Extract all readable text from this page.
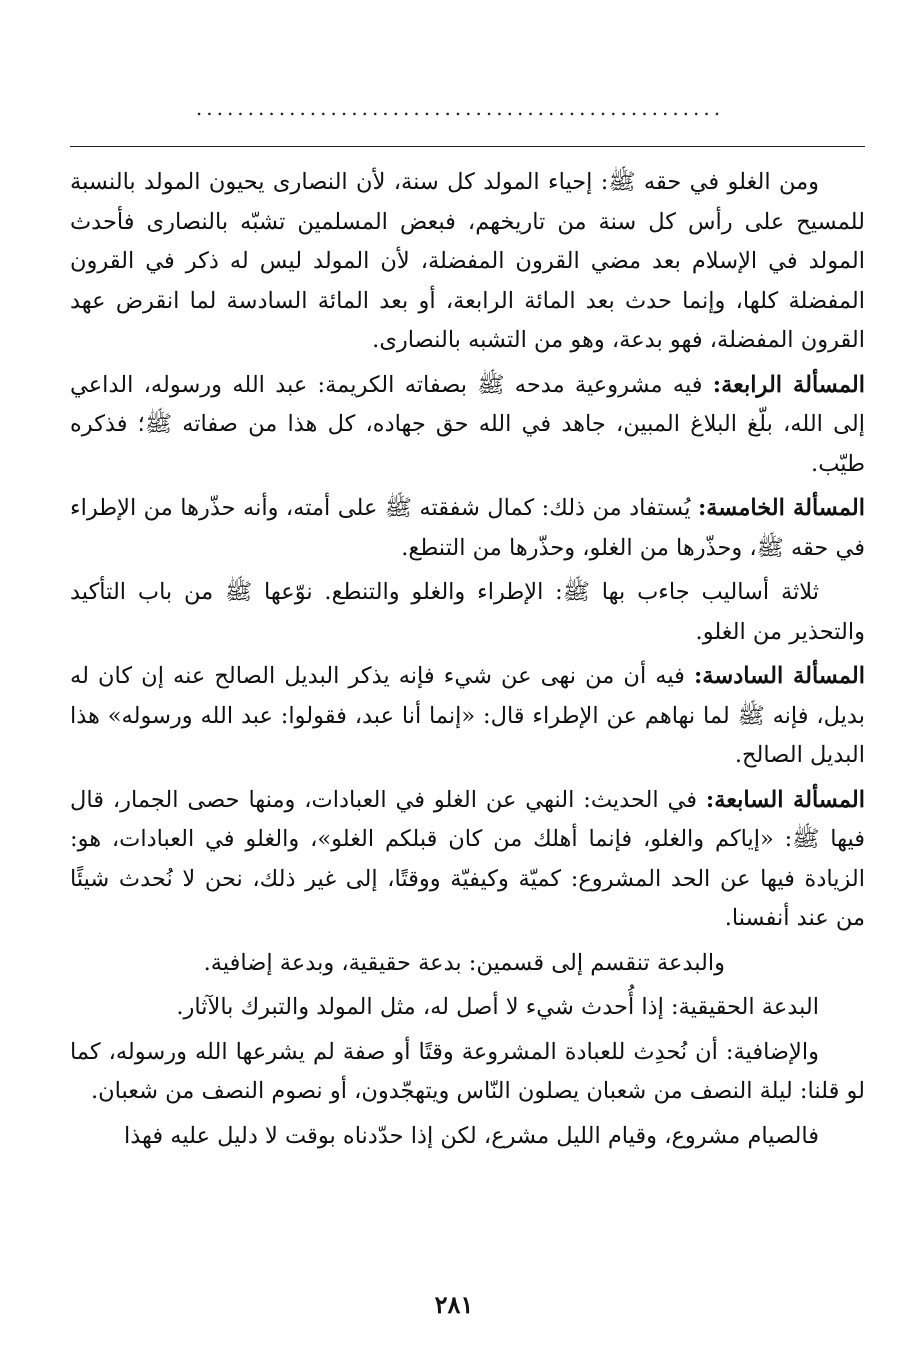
...................................................

ومن الغلو في حقه ﷺ: إحياء المولد كل سنة، لأن النصارى يحيون المولد بالنسبة للمسيح على رأس كل سنة من تاريخهم، فبعض المسلمين تشبّه بالنصارى فأحدث المولد في الإسلام بعد مضي القرون المفضلة، لأن المولد ليس له ذكر في القرون المفضلة كلها، وإنما حدث بعد المائة الرابعة، أو بعد المائة السادسة لما انقرض عهد القرون المفضلة، فهو بدعة، وهو من التشبه بالنصارى.

المسألة الرابعة: فيه مشروعية مدحه ﷺ بصفاته الكريمة: عبد الله ورسوله، الداعي إلى الله، بلّغ البلاغ المبين، جاهد في الله حق جهاده، كل هذا من صفاته ﷺ؛ فذكره طيّب.

المسألة الخامسة: يُستفاد من ذلك: كمال شفقته ﷺ على أمته، وأنه حذّرها من الإطراء في حقه ﷺ، وحذّرها من الغلو، وحذّرها من التنطع.

ثلاثة أساليب جاءب بها ﷺ: الإطراء والغلو والتنطع. نوّعها ﷺ من باب التأكيد والتحذير من الغلو.

المسألة السادسة: فيه أن من نهى عن شيء فإنه يذكر البديل الصالح عنه إن كان له بديل، فإنه ﷺ لما نهاهم عن الإطراء قال: «إنما أنا عبد، فقولوا: عبد الله ورسوله» هذا البديل الصالح.

المسألة السابعة: في الحديث: النهي عن الغلو في العبادات، ومنها حصى الجمار، قال فيها ﷺ: «إياكم والغلو، فإنما أهلك من كان قبلكم الغلو»، والغلو في العبادات، هو: الزيادة فيها عن الحد المشروع: كميّة وكيفيّة ووقتًا، إلى غير ذلك، نحن لا نُحدث شيئًا من عند أنفسنا.

والبدعة تنقسم إلى قسمين: بدعة حقيقية، وبدعة إضافية.

البدعة الحقيقية: إذا أُحدث شيء لا أصل له، مثل المولد والتبرك بالآثار.

والإضافية: أن نُحدِث للعبادة المشروعة وقتًا أو صفة لم يشرعها الله ورسوله، كما لو قلنا: ليلة النصف من شعبان يصلون النّاس ويتهجّدون، أو نصوم النصف من شعبان.

فالصيام مشروع، وقيام الليل مشرع، لكن إذا حدّدناه بوقت لا دليل عليه فهذا

٢٨١
